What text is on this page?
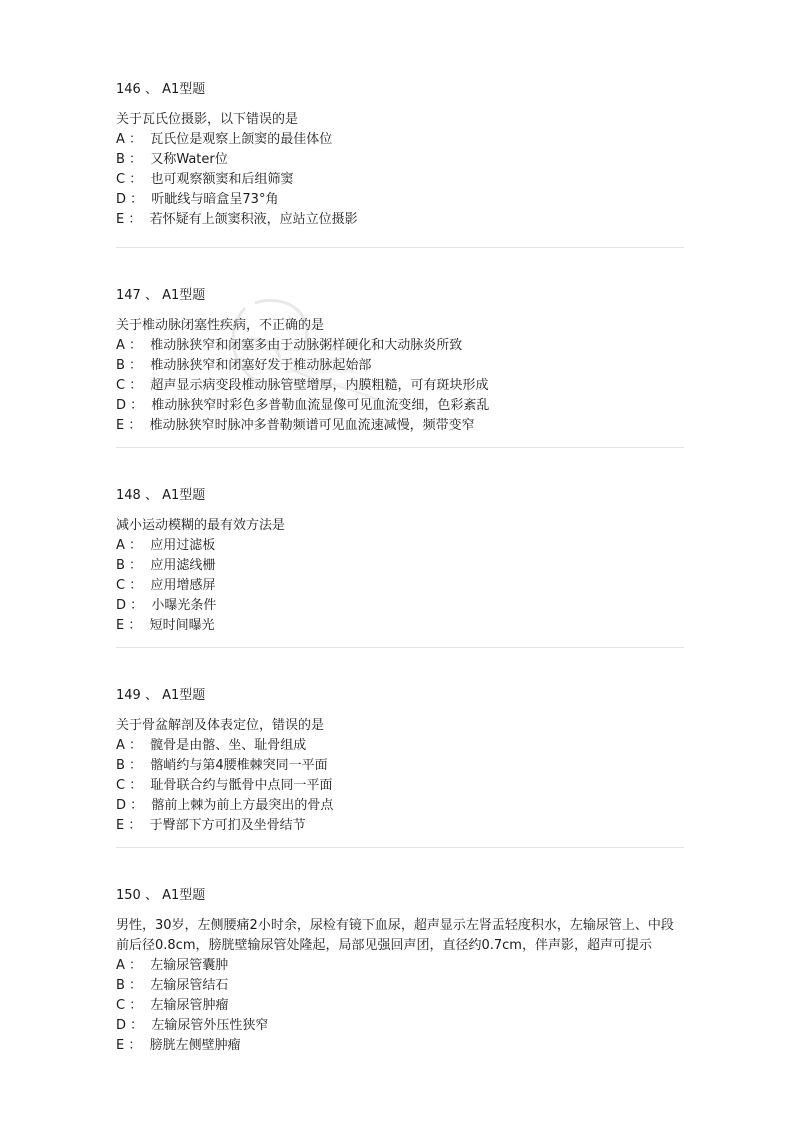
146 、 A1型题

关于瓦氏位摄影，以下错误的是

A ：  瓦氏位是观察上颌窦的最佳体位
B ：  又称Water位
C ：  也可观察额窦和后组筛窦
D ：  听眦线与暗盒呈73°角
E ：  若怀疑有上颌窦积液，应站立位摄影
147 、 A1型题

关于椎动脉闭塞性疾病，不正确的是

A ：  椎动脉狭窄和闭塞多由于动脉粥样硬化和大动脉炎所致
B ：  椎动脉狭窄和闭塞好发于椎动脉起始部
C ：  超声显示病变段椎动脉管壁增厚，内膜粗糙，可有斑块形成
D ：  椎动脉狭窄时彩色多普勒血流显像可见血流变细，色彩紊乱
E ：  椎动脉狭窄时脉冲多普勒频谱可见血流速减慢，频带变窄
148 、 A1型题

减小运动模糊的最有效方法是

A ：  应用过滤板
B ：  应用滤线栅
C ：  应用增感屏
D ：  小曝光条件
E ：  短时间曝光
149 、 A1型题

关于骨盆解剖及体表定位，错误的是

A ：  髋骨是由髂、坐、耻骨组成
B ：  髂峭约与第4腰椎棘突同一平面
C ：  耻骨联合约与骶骨中点同一平面
D ：  髂前上棘为前上方最突出的骨点
E ：  于臀部下方可扪及坐骨结节
150 、 A1型题

男性，30岁，左侧腰痛2小时余，尿检有镜下血尿，超声显示左肾盂轻度积水，左输尿管上、中段前后径0.8cm，膀胱壁输尿管处隆起，局部见强回声团，直径约0.7cm，伴声影，超声可提示

A ：  左输尿管囊肿
B ：  左输尿管结石
C ：  左输尿管肿瘤
D ：  左输尿管外压性狭窄
E ：  膀胱左侧壁肿瘤
